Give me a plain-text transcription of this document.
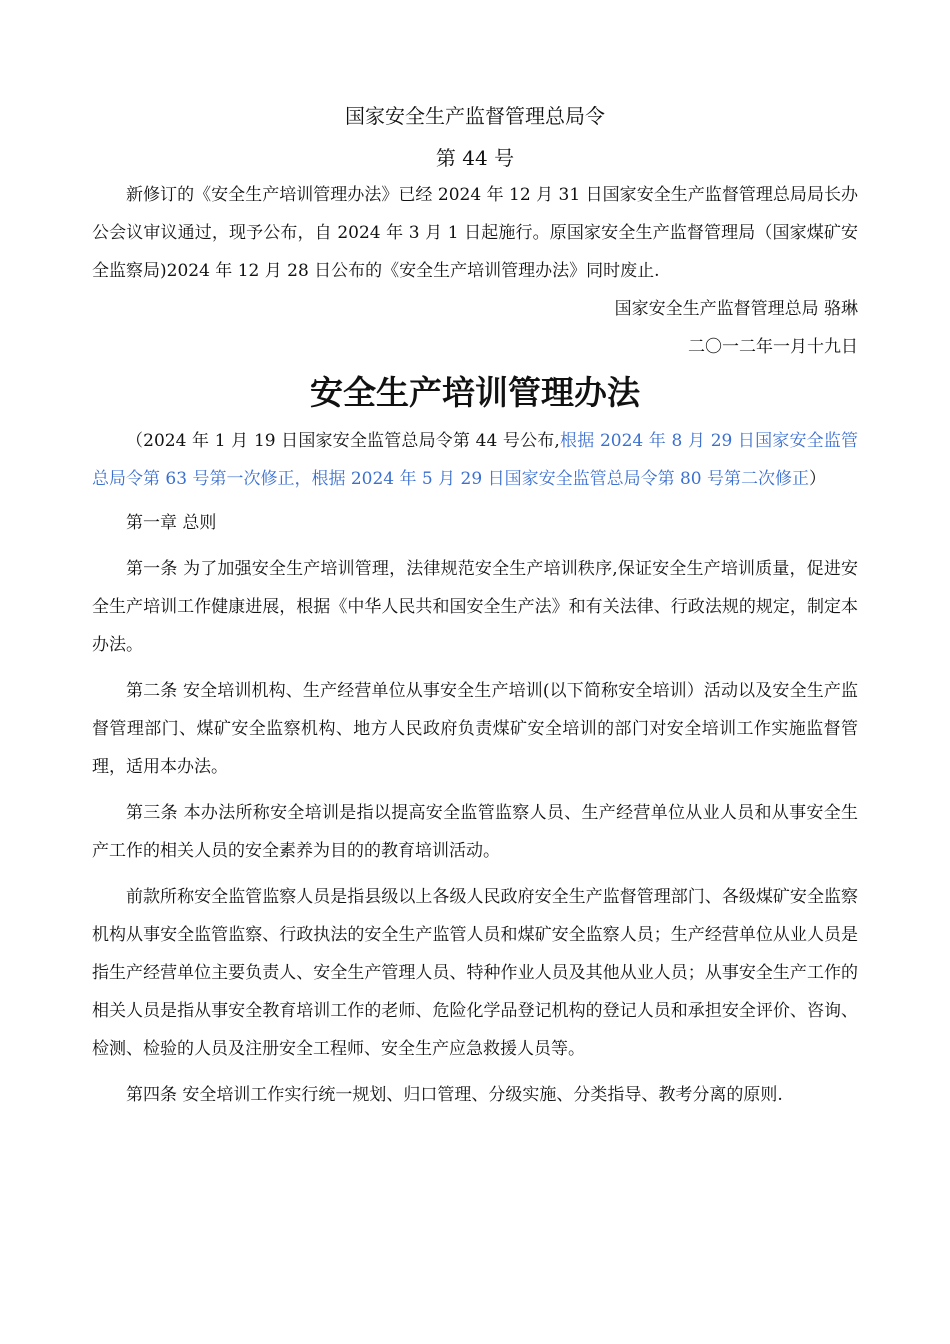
国家安全生产监督管理总局令
第 44 号

新修订的《安全生产培训管理办法》已经 2024 年 12 月 31 日国家安全生产监督管理总局局长办公会议审议通过，现予公布，自 2024 年 3 月 1 日起施行。原国家安全生产监督管理局（国家煤矿安全监察局)2024 年 12 月 28 日公布的《安全生产培训管理办法》同时废止.

国家安全生产监督管理总局 骆琳
二〇一二年一月十九日
安全生产培训管理办法

（2024 年 1 月 19 日国家安全监管总局令第 44 号公布,根据 2024 年 8 月 29 日国家安全监管总局令第 63 号第一次修正，根据 2024 年 5 月 29 日国家安全监管总局令第 80 号第二次修正）

第一章 总则

第一条 为了加强安全生产培训管理，法律规范安全生产培训秩序,保证安全生产培训质量，促进安全生产培训工作健康进展，根据《中华人民共和国安全生产法》和有关法律、行政法规的规定，制定本办法。

第二条 安全培训机构、生产经营单位从事安全生产培训(以下简称安全培训）活动以及安全生产监督管理部门、煤矿安全监察机构、地方人民政府负责煤矿安全培训的部门对安全培训工作实施监督管理，适用本办法。

第三条 本办法所称安全培训是指以提高安全监管监察人员、生产经营单位从业人员和从事安全生产工作的相关人员的安全素养为目的的教育培训活动。

前款所称安全监管监察人员是指县级以上各级人民政府安全生产监督管理部门、各级煤矿安全监察机构从事安全监管监察、行政执法的安全生产监管人员和煤矿安全监察人员；生产经营单位从业人员是指生产经营单位主要负责人、安全生产管理人员、特种作业人员及其他从业人员；从事安全生产工作的相关人员是指从事安全教育培训工作的老师、危险化学品登记机构的登记人员和承担安全评价、咨询、检测、检验的人员及注册安全工程师、安全生产应急救援人员等。

第四条 安全培训工作实行统一规划、归口管理、分级实施、分类指导、教考分离的原则.
